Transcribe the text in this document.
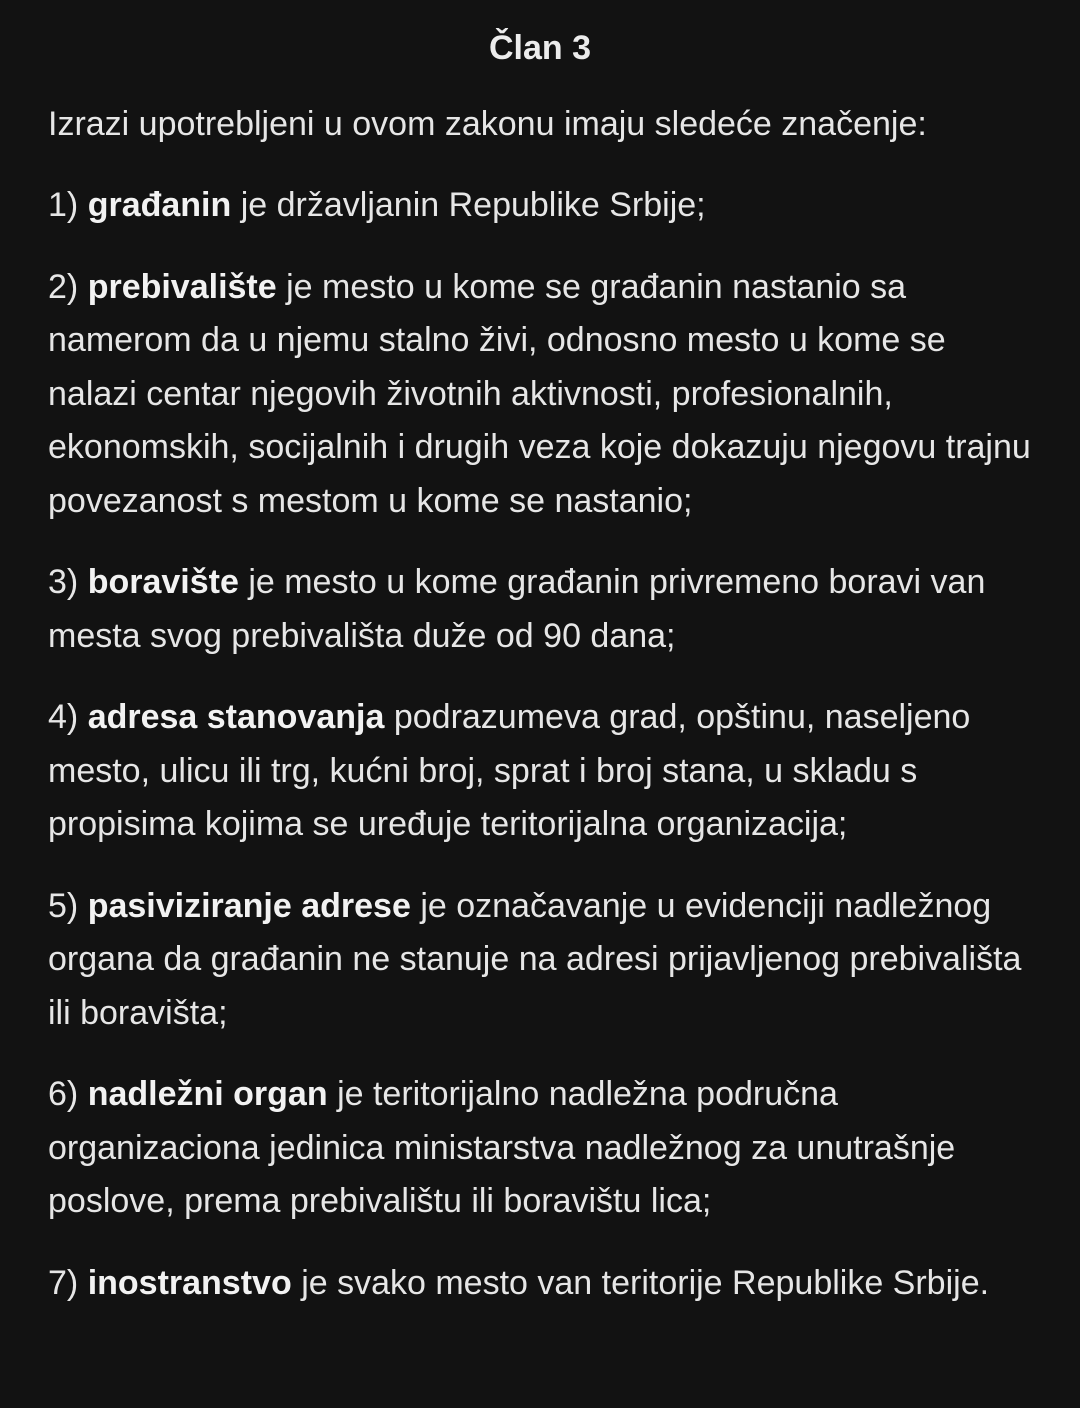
Član 3

Izrazi upotrebljeni u ovom zakonu imaju sledeće značenje:

1) građanin je državljanin Republike Srbije;
2) prebivalište je mesto u kome se građanin nastanio sa namerom da u njemu stalno živi, odnosno mesto u kome se nalazi centar njegovih životnih aktivnosti, profesionalnih, ekonomskih, socijalnih i drugih veza koje dokazuju njegovu trajnu povezanost s mestom u kome se nastanio;
3) boravište je mesto u kome građanin privremeno boravi van mesta svog prebivališta duže od 90 dana;
4) adresa stanovanja podrazumeva grad, opštinu, naseljeno mesto, ulicu ili trg, kućni broj, sprat i broj stana, u skladu s propisima kojima se uređuje teritorijalna organizacija;
5) pasiviziranje adrese je označavanje u evidenciji nadležnog organa da građanin ne stanuje na adresi prijavljenog prebivališta ili boravišta;
6) nadležni organ je teritorijalno nadležna područna organizaciona jedinica ministarstva nadležnog za unutrašnje poslove, prema prebivalištu ili boravištu lica;
7) inostranstvo je svako mesto van teritorije Republike Srbije.
